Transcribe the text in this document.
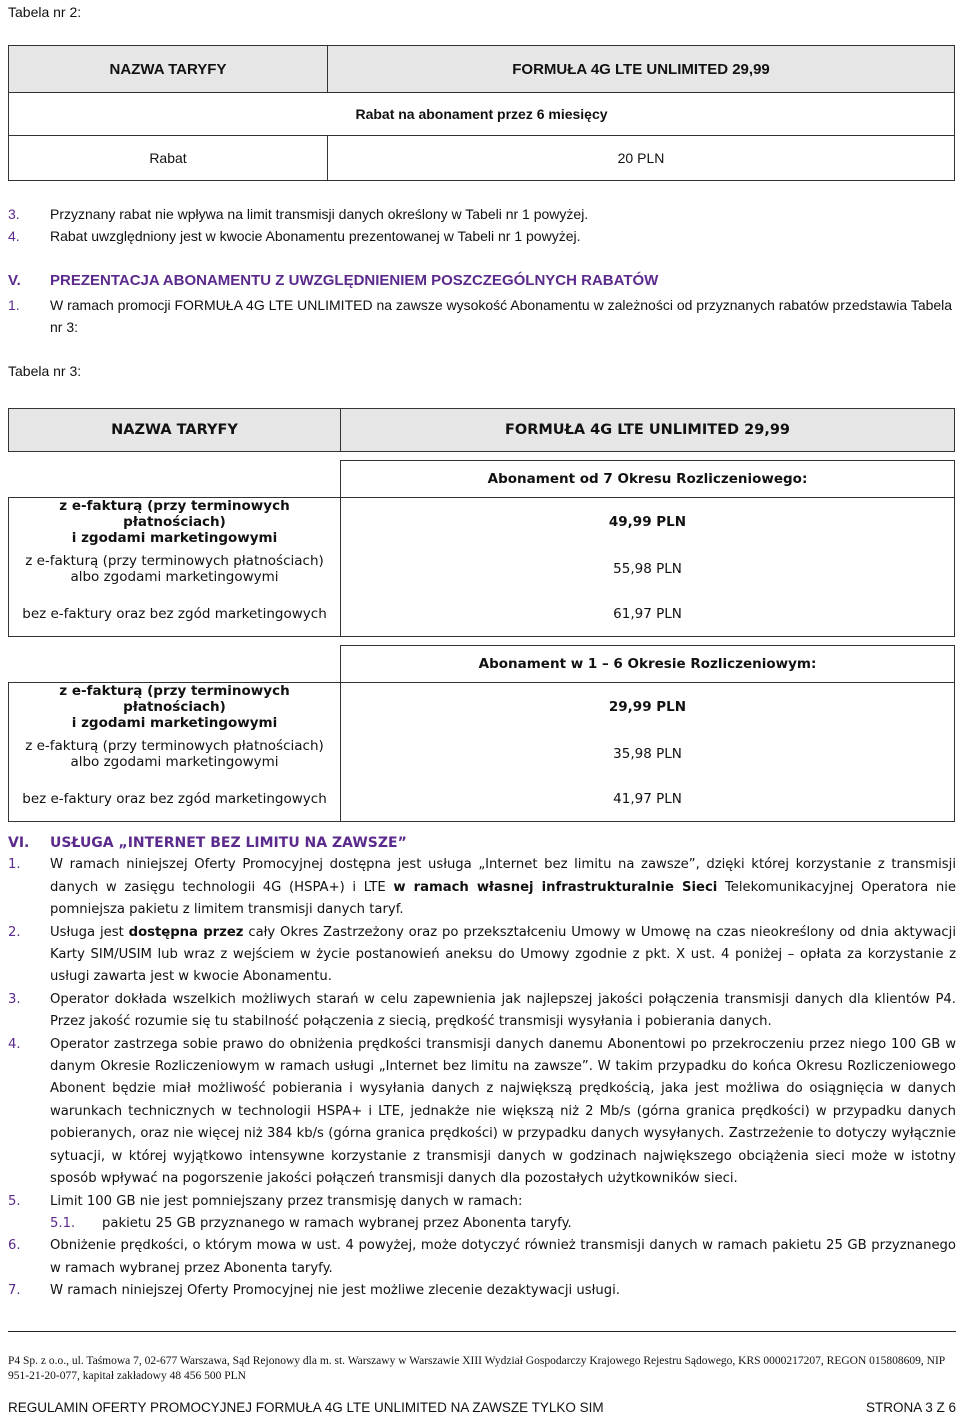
Tabela nr 2:
NAZWA TARYFY	FORMUŁA 4G LTE UNLIMITED 29,99
Rabat na abonament przez 6 miesięcy	
Rabat	20 PLN
3. Przyznany rabat nie wpływa na limit transmisji danych określony w Tabeli nr 1 powyżej.
4. Rabat uwzględniony jest w kwocie Abonamentu prezentowanej w Tabeli nr 1 powyżej.
V. PREZENTACJA ABONAMENTU Z UWZGLĘDNIENIEM POSZCZEGÓLNYCH RABATÓW
1. W ramach promocji FORMUŁA 4G LTE UNLIMITED na zawsze wysokość Abonamentu w zależności od przyznanych rabatów przedstawia Tabela nr 3:
Tabela nr 3:
NAZWA TARYFY	FORMUŁA 4G LTE UNLIMITED 29,99

	Abonament od 7 Okresu Rozliczeniowego:

z e-fakturą (przy terminowych płatnościach)
i zgodami marketingowymi	49,99 PLN

z e-fakturą (przy terminowych płatnościach)
albo zgodami marketingowymi	55,98 PLN
bez e-faktury oraz bez zgód marketingowych	61,97 PLN

	Abonament w 1 – 6 Okresie Rozliczeniowym:

z e-fakturą (przy terminowych płatnościach)
i zgodami marketingowymi	29,99 PLN

z e-fakturą (przy terminowych płatnościach)
albo zgodami marketingowymi	35,98 PLN
bez e-faktury oraz bez zgód marketingowych	41,97 PLN
VI. USŁUGA „INTERNET BEZ LIMITU NA ZAWSZE”
1. W ramach niniejszej Oferty Promocyjnej dostępna jest usługa „Internet bez limitu na zawsze”, dzięki której korzystanie z transmisji danych w zasięgu technologii 4G (HSPA+) i LTE w ramach własnej infrastrukturalnie Sieci Telekomunikacyjnej Operatora nie pomniejsza pakietu z limitem transmisji danych taryf.
2. Usługa jest dostępna przez cały Okres Zastrzeżony oraz po przekształceniu Umowy w Umowę na czas nieokreślony od dnia aktywacji Karty SIM/USIM lub wraz z wejściem w życie postanowień aneksu do Umowy zgodnie z pkt. X ust. 4 poniżej – opłata za korzystanie z usługi zawarta jest w kwocie Abonamentu.
3. Operator dokłada wszelkich możliwych starań w celu zapewnienia jak najlepszej jakości połączenia transmisji danych dla klientów P4. Przez jakość rozumie się tu stabilność połączenia z siecią, prędkość transmisji wysyłania i pobierania danych.
4. Operator zastrzega sobie prawo do obniżenia prędkości transmisji danych danemu Abonentowi po przekroczeniu przez niego 100 GB w danym Okresie Rozliczeniowym w ramach usługi „Internet bez limitu na zawsze”. W takim przypadku do końca Okresu Rozliczeniowego Abonent będzie miał możliwość pobierania i wysyłania danych z największą prędkością, jaka jest możliwa do osiągnięcia w danych warunkach technicznych w technologii HSPA+ i LTE, jednakże nie większą niż 2 Mb/s (górna granica prędkości) w przypadku danych pobieranych, oraz nie więcej niż 384 kb/s (górna granica prędkości) w przypadku danych wysyłanych. Zastrzeżenie to dotyczy wyłącznie sytuacji, w której wyjątkowo intensywne korzystanie z transmisji danych w godzinach największego obciążenia sieci może w istotny sposób wpływać na pogorszenie jakości połączeń transmisji danych dla pozostałych użytkowników sieci.
5. Limit 100 GB nie jest pomniejszany przez transmisję danych w ramach:
5.1.	pakietu 25 GB przyznanego w ramach wybranej przez Abonenta taryfy.
6. Obniżenie prędkości, o którym mowa w ust. 4 powyżej, może dotyczyć również transmisji danych w ramach pakietu 25 GB przyznanego w ramach wybranej przez Abonenta taryfy.
7. W ramach niniejszej Oferty Promocyjnej nie jest możliwe zlecenie dezaktywacji usługi.
P4 Sp. z o.o., ul. Taśmowa 7, 02-677 Warszawa, Sąd Rejonowy dla m. st. Warszawy w Warszawie XIII Wydział Gospodarczy Krajowego Rejestru Sądowego, KRS 0000217207, REGON 015808609, NIP 951-21-20-077, kapitał zakładowy 48 456 500 PLN
REGULAMIN OFERTY PROMOCYJNEJ FORMUŁA 4G LTE UNLIMITED NA ZAWSZE TYLKO SIM	STRONA 3 Z 6
